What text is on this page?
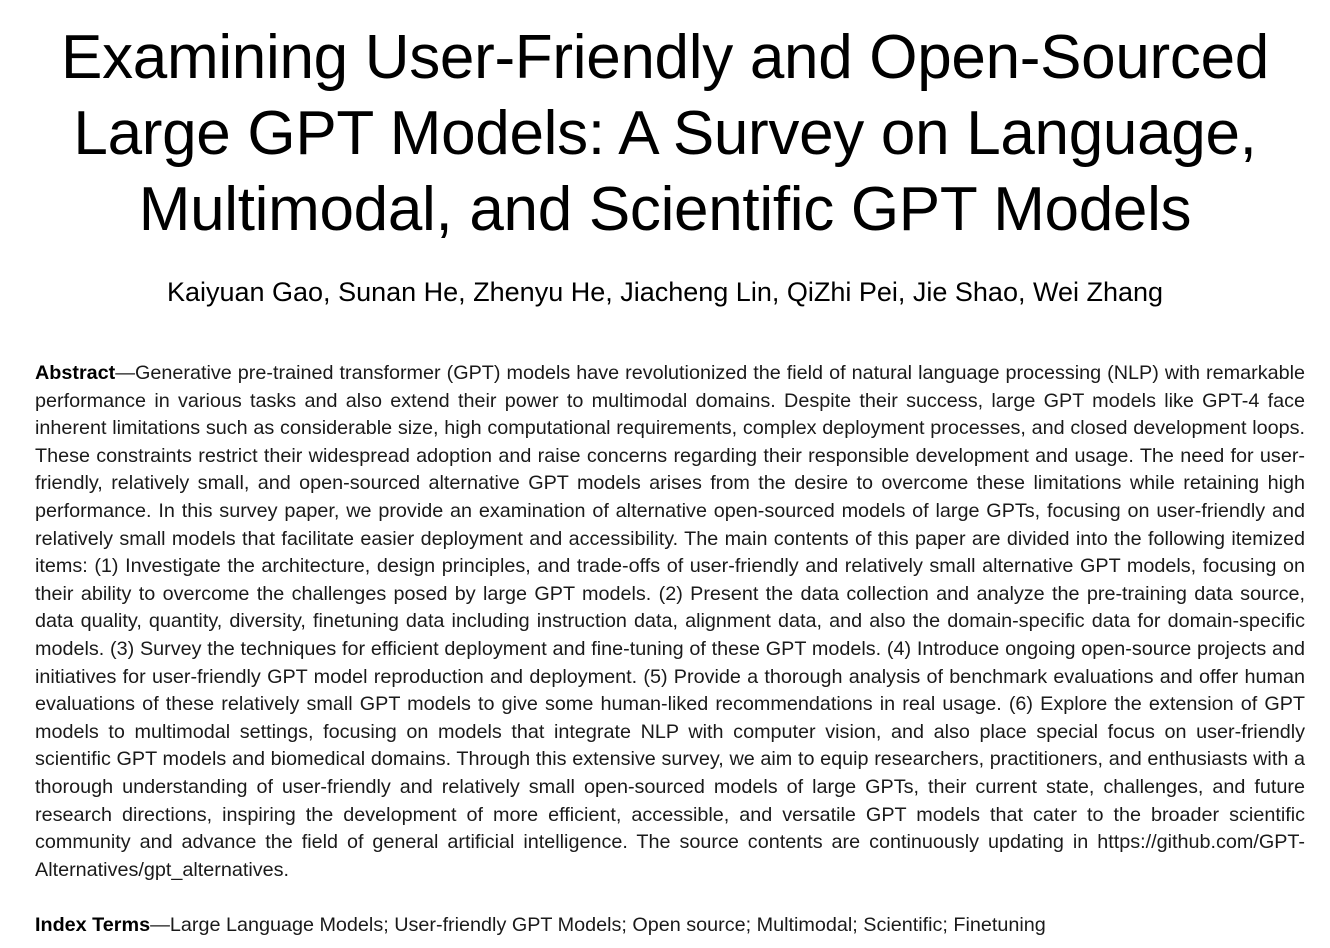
Examining User-Friendly and Open-Sourced
Large GPT Models: A Survey on Language,
Multimodal, and Scientific GPT Models
Kaiyuan Gao, Sunan He, Zhenyu He, Jiacheng Lin, QiZhi Pei, Jie Shao, Wei Zhang

Abstract—Generative pre-trained transformer (GPT) models have revolutionized the field of natural language processing (NLP) with remarkable performance in various tasks and also extend their power to multimodal domains. Despite their success, large GPT models like GPT-4 face inherent limitations such as considerable size, high computational requirements, complex deployment processes, and closed development loops. These constraints restrict their widespread adoption and raise concerns regarding their responsible development and usage. The need for user-friendly, relatively small, and open-sourced alternative GPT models arises from the desire to overcome these limitations while retaining high performance. In this survey paper, we provide an examination of alternative open-sourced models of large GPTs, focusing on user-friendly and relatively small models that facilitate easier deployment and accessibility. The main contents of this paper are divided into the following itemized items: (1) Investigate the architecture, design principles, and trade-offs of user-friendly and relatively small alternative GPT models, focusing on their ability to overcome the challenges posed by large GPT models. (2) Present the data collection and analyze the pre-training data source, data quality, quantity, diversity, finetuning data including instruction data, alignment data, and also the domain-specific data for domain-specific models. (3) Survey the techniques for efficient deployment and fine-tuning of these GPT models. (4) Introduce ongoing open-source projects and initiatives for user-friendly GPT model reproduction and deployment. (5) Provide a thorough analysis of benchmark evaluations and offer human evaluations of these relatively small GPT models to give some human-liked recommendations in real usage. (6) Explore the extension of GPT models to multimodal settings, focusing on models that integrate NLP with computer vision, and also place special focus on user-friendly scientific GPT models and biomedical domains. Through this extensive survey, we aim to equip researchers, practitioners, and enthusiasts with a thorough understanding of user-friendly and relatively small open-sourced models of large GPTs, their current state, challenges, and future research directions, inspiring the development of more efficient, accessible, and versatile GPT models that cater to the broader scientific community and advance the field of general artificial intelligence. The source contents are continuously updating in https://github.com/GPT-Alternatives/gpt_alternatives.

Index Terms—Large Language Models; User-friendly GPT Models; Open source; Multimodal; Scientific; Finetuning
